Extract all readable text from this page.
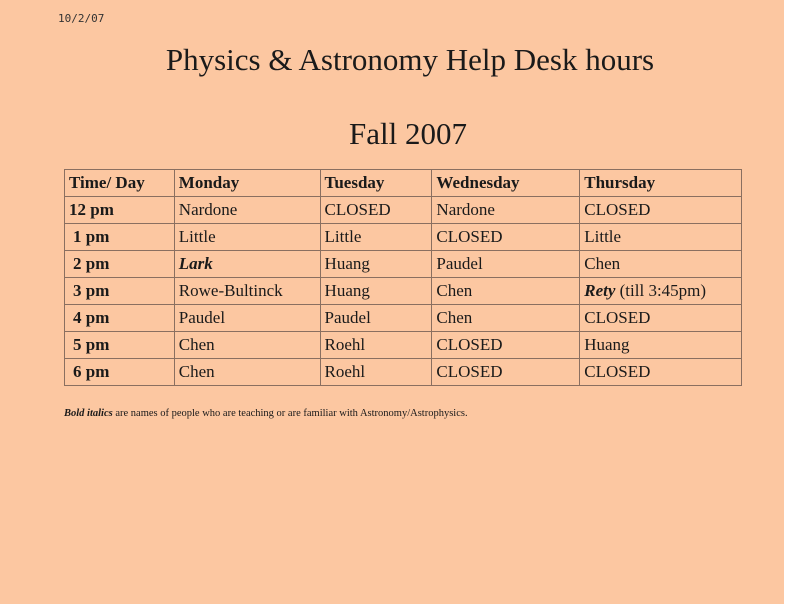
10/2/07
Physics & Astronomy Help Desk hours
Fall 2007
Time/ Day	Monday	Tuesday	Wednesday	Thursday
12 pm	Nardone	CLOSED	Nardone	CLOSED
1 pm	Little	Little	CLOSED	Little
2 pm	Lark	Huang	Paudel	Chen
3 pm	Rowe-Bultinck	Huang	Chen	Rety (till 3:45pm)
4 pm	Paudel	Paudel	Chen	CLOSED
5 pm	Chen	Roehl	CLOSED	Huang
6 pm	Chen	Roehl	CLOSED	CLOSED
Bold italics are names of people who are teaching or are familiar with Astronomy/Astrophysics.
